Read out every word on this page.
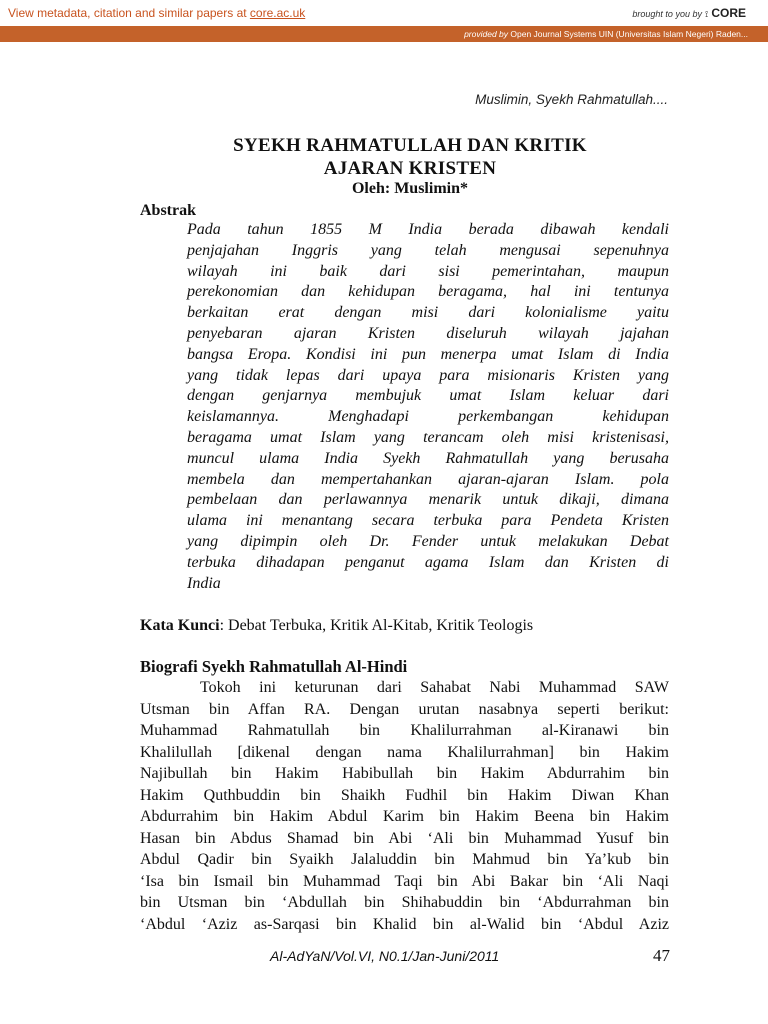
View metadata, citation and similar papers at core.ac.uk	brought to you by ⟟ CORE
provided by Open Journal Systems UIN (Universitas Islam Negeri) Raden...
Muslimin, Syekh Rahmatullah....
SYEKH RAHMATULLAH DAN KRITIK
AJARAN KRISTEN
Oleh: Muslimin*
Abstrak
Pada tahun 1855 M India berada dibawah kendali
penjajahan Inggris yang telah mengusai sepenuhnya
wilayah ini baik dari sisi pemerintahan, maupun
perekonomian dan kehidupan beragama, hal ini tentunya
berkaitan erat dengan misi dari kolonialisme yaitu
penyebaran ajaran Kristen diseluruh wilayah jajahan
bangsa Eropa. Kondisi ini pun menerpa umat Islam di India
yang tidak lepas dari upaya para misionaris Kristen yang
dengan genjarnya membujuk umat Islam keluar dari
keislamannya. Menghadapi perkembangan kehidupan
beragama umat Islam yang terancam oleh misi kristenisasi,
muncul ulama India Syekh Rahmatullah yang berusaha
membela dan mempertahankan ajaran-ajaran Islam. pola
pembelaan dan perlawannya menarik untuk dikaji, dimana
ulama ini menantang secara terbuka para Pendeta Kristen
yang dipimpin oleh Dr. Fender untuk melakukan Debat
terbuka dihadapan penganut agama Islam dan Kristen di
India
Kata Kunci: Debat Terbuka, Kritik Al-Kitab, Kritik Teologis
Biografi Syekh Rahmatullah Al-Hindi
Tokoh ini keturunan dari Sahabat Nabi Muhammad SAW
Utsman bin Affan RA. Dengan urutan nasabnya seperti berikut:
Muhammad Rahmatullah bin Khalilurrahman al-Kiranawi bin
Khalilullah [dikenal dengan nama Khalilurrahman] bin Hakim
Najibullah bin Hakim Habibullah bin Hakim Abdurrahim bin
Hakim Quthbuddin bin Shaikh Fudhil bin Hakim Diwan Khan
Abdurrahim bin Hakim Abdul Karim bin Hakim Beena bin Hakim
Hasan bin Abdus Shamad bin Abi ‘Ali bin Muhammad Yusuf bin
Abdul Qadir bin Syaikh Jalaluddin bin Mahmud bin Ya’kub bin
‘Isa bin Ismail bin Muhammad Taqi bin Abi Bakar bin ‘Ali Naqi
bin Utsman bin ‘Abdullah bin Shihabuddin bin ‘Abdurrahman bin
‘Abdul ‘Aziz as-Sarqasi bin Khalid bin al-Walid bin ‘Abdul Aziz
Al-AdYaN/Vol.VI, N0.1/Jan-Juni/2011	47
